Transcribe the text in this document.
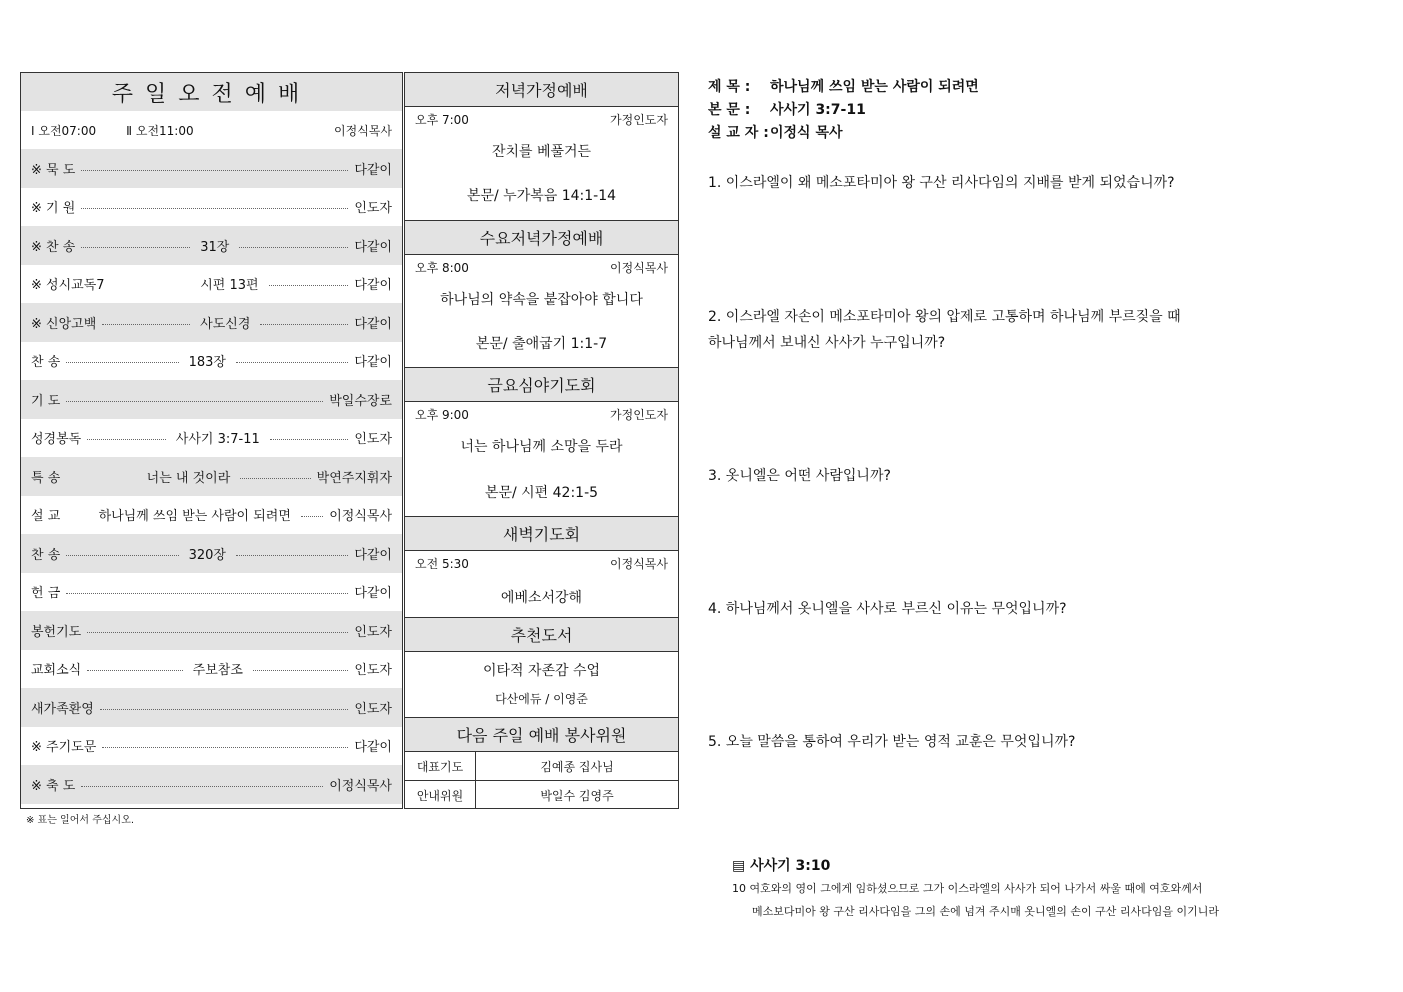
주일오전예배
Ⅰ 오전07:00	Ⅱ 오전11:00	이정식목사
※ 묵 도	다같이
※ 기 원	인도자
※ 찬 송	31장	다같이
※ 성시교독7	시편 13편	다같이
※ 신앙고백	사도신경	다같이
찬 송	183장	다같이
기 도	박일수장로
성경봉독	사사기 3:7-11	인도자
특 송	너는 내 것이라	박연주지휘자
설 교	하나님께 쓰임 받는 사람이 되려면	이정식목사
찬 송	320장	다같이
헌 금	다같이
봉헌기도	인도자
교회소식	주보참조	인도자
새가족환영	인도자
※ 주기도문	다같이
※ 축 도	이정식목사
※ 표는 일어서 주십시오.
저녁가정예배
오후 7:00	가정인도자
잔치를 베풀거든
본문/ 누가복음 14:1-14
수요저녁가정예배
오후 8:00	이정식목사
하나님의 약속을 붙잡아야 합니다
본문/ 출애굽기 1:1-7
금요심야기도회
오후 9:00	가정인도자
너는 하나님께 소망을 두라
본문/ 시편 42:1-5
새벽기도회
오전 5:30	이정식목사
에베소서강해
추천도서
이타적 자존감 수업
다산에듀 / 이영준
다음 주일 예배 봉사위원
대표기도	김예종 집사님
안내위원	박일수 김영주
제 목 :	하나님께 쓰임 받는 사람이 되려면
본 문 :	사사기 3:7-11
설 교 자 : 이정식 목사
1. 이스라엘이 왜 메소포타미아 왕 구산 리사다임의 지배를 받게 되었습니까?
2. 이스라엘 자손이 메소포타미아 왕의 압제로 고통하며 하나님께 부르짖을 때
하나님께서 보내신 사사가 누구입니까?
3. 옷니엘은 어떤 사람입니까?
4. 하나님께서 옷니엘을 사사로 부르신 이유는 무엇입니까?
5. 오늘 말씀을 통하여 우리가 받는 영적 교훈은 무엇입니까?
▤ 사사기 3:10
10 여호와의 영이 그에게 임하셨으므로 그가 이스라엘의 사사가 되어 나가서 싸울 때에 여호와께서
메소보다미아 왕 구산 리사다임을 그의 손에 넘겨 주시매 옷니엘의 손이 구산 리사다임을 이기니라
